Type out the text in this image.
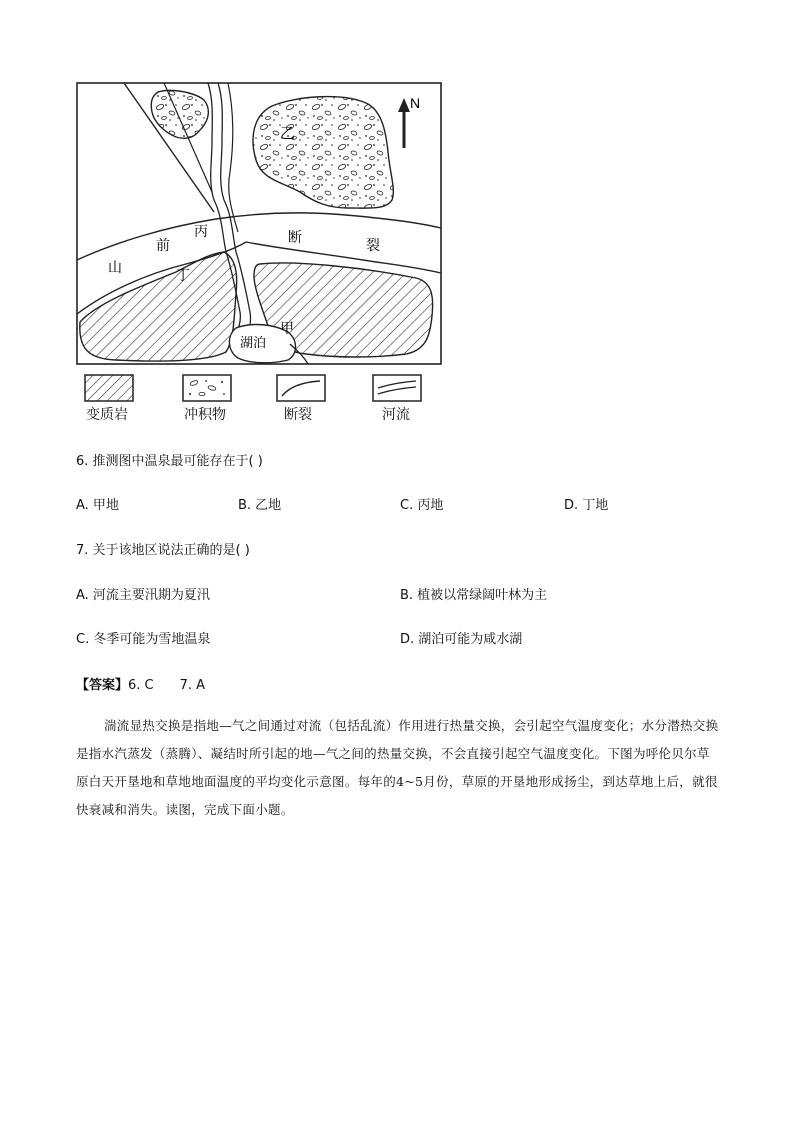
N
乙
丙
前
山	丁
断	裂
甲
湖泊
变质岩	冲积物	断裂	河流
6. 推测图中温泉最可能存在于( )
A. 甲地	B. 乙地	C. 丙地	D. 丁地
7. 关于该地区说法正确的是( )
A. 河流主要汛期为夏汛	B. 植被以常绿阔叶林为主
C. 冬季可能为雪地温泉	D. 湖泊可能为咸水湖
【答案】6. C 7. A
湍流显热交换是指地—气之间通过对流（包括乱流）作用进行热量交换，会引起空气温度变化；水分潜热交换是指水汽蒸发（蒸腾）、凝结时所引起的地—气之间的热量交换，不会直接引起空气温度变化。下图为呼伦贝尔草原白天开垦地和草地地面温度的平均变化示意图。每年的4~5月份，草原的开垦地形成扬尘，到达草地上后，就很快衰减和消失。读图，完成下面小题。
